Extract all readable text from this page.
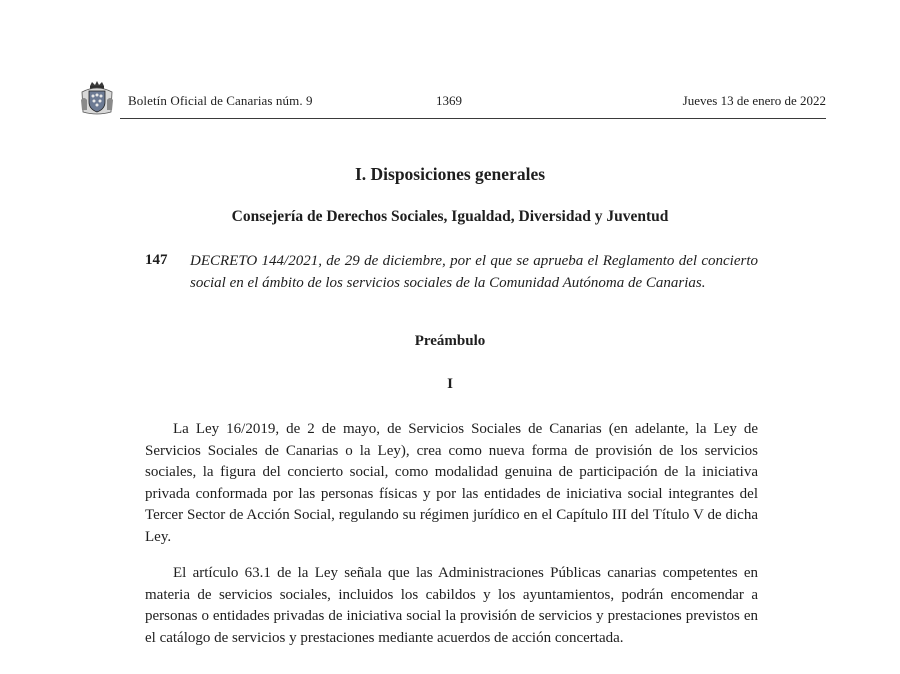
Boletín Oficial de Canarias núm. 9	1369	Jueves 13 de enero de 2022
I. Disposiciones generales
Consejería de Derechos Sociales, Igualdad, Diversidad y Juventud
147 DECRETO 144/2021, de 29 de diciembre, por el que se aprueba el Reglamento del concierto social en el ámbito de los servicios sociales de la Comunidad Autónoma de Canarias.
Preámbulo
I
La Ley 16/2019, de 2 de mayo, de Servicios Sociales de Canarias (en adelante, la Ley de Servicios Sociales de Canarias o la Ley), crea como nueva forma de provisión de los servicios sociales, la figura del concierto social, como modalidad genuina de participación de la iniciativa privada conformada por las personas físicas y por las entidades de iniciativa social integrantes del Tercer Sector de Acción Social, regulando su régimen jurídico en el Capítulo III del Título V de dicha Ley.
El artículo 63.1 de la Ley señala que las Administraciones Públicas canarias competentes en materia de servicios sociales, incluidos los cabildos y los ayuntamientos, podrán encomendar a personas o entidades privadas de iniciativa social la provisión de servicios y prestaciones previstos en el catálogo de servicios y prestaciones mediante acuerdos de acción concertada.
